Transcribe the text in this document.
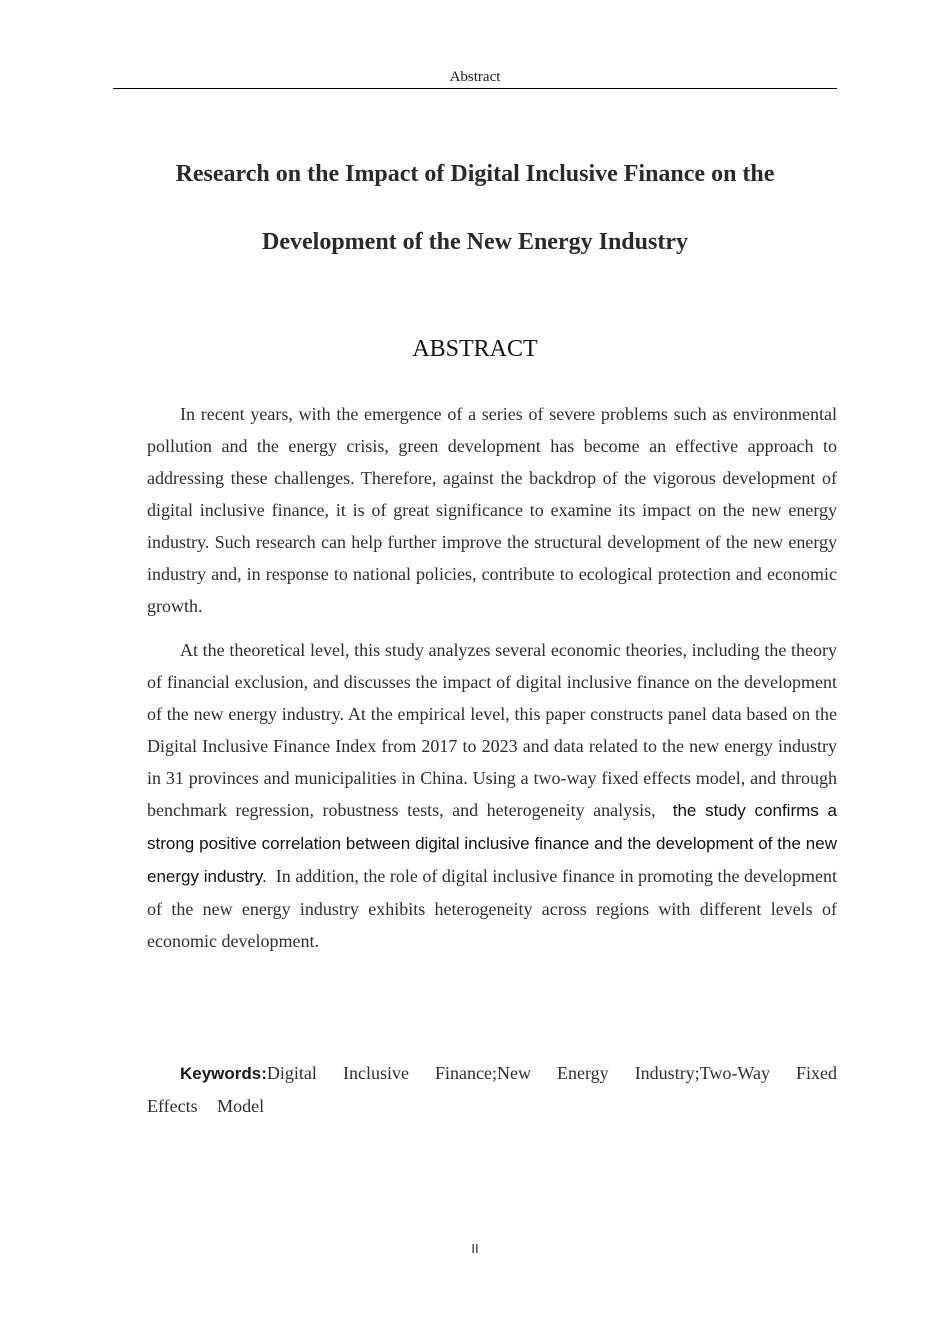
Abstract
Research on the Impact of Digital Inclusive Finance on the
Development of the New Energy Industry
ABSTRACT

In recent years, with the emergence of a series of severe problems such as environmental pollution and the energy crisis, green development has become an effective approach to addressing these challenges. Therefore, against the backdrop of the vigorous development of digital inclusive finance, it is of great significance to examine its impact on the new energy industry. Such research can help further improve the structural development of the new energy industry and, in response to national policies, contribute to ecological protection and economic growth.

At the theoretical level, this study analyzes several economic theories, including the theory of financial exclusion, and discusses the impact of digital inclusive finance on the development of the new energy industry. At the empirical level, this paper constructs panel data based on the Digital Inclusive Finance Index from 2017 to 2023 and data related to the new energy industry in 31 provinces and municipalities in China. Using a two-way fixed effects model, and through benchmark regression, robustness tests, and heterogeneity analysis, the study confirms a strong positive correlation between digital inclusive finance and the development of the new energy industry. In addition, the role of digital inclusive finance in promoting the development of the new energy industry exhibits heterogeneity across regions with different levels of economic development.

Keywords:Digital Inclusive Finance;New Energy Industry;Two-Way Fixed Effects Model

II
